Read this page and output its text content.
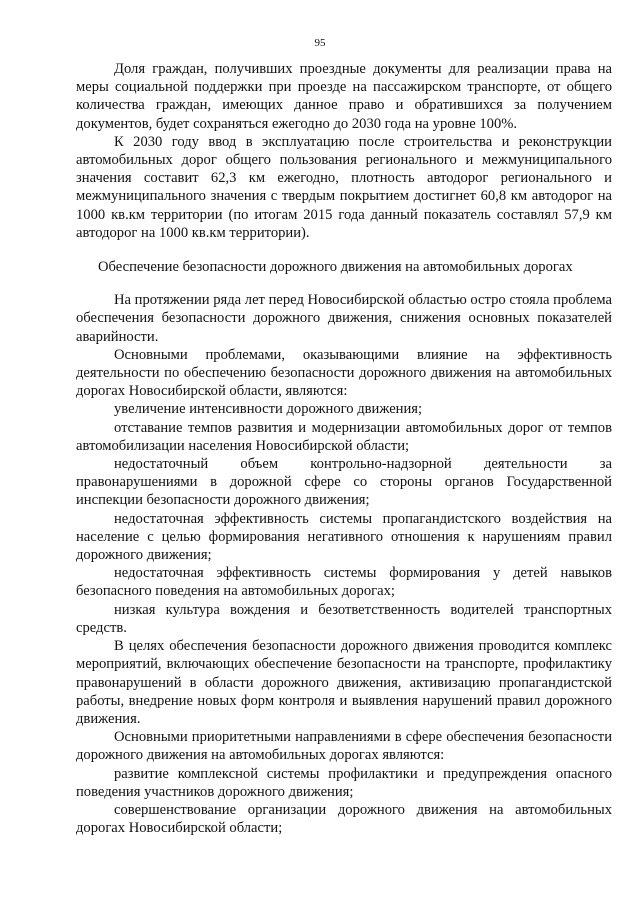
95

Доля граждан, получивших проездные документы для реализации права на меры социальной поддержки при проезде на пассажирском транспорте, от общего количества граждан, имеющих данное право и обратившихся за получением документов, будет сохраняться ежегодно до 2030 года на уровне 100%.

К 2030 году ввод в эксплуатацию после строительства и реконструкции автомобильных дорог общего пользования регионального и межмуниципального значения составит 62,3 км ежегодно, плотность автодорог регионального и межмуниципального значения с твердым покрытием достигнет 60,8 км автодорог на 1000 кв.км территории (по итогам 2015 года данный показатель составлял 57,9 км автодорог на 1000 кв.км территории).

Обеспечение безопасности дорожного движения на автомобильных дорогах

На протяжении ряда лет перед Новосибирской областью остро стояла проблема обеспечения безопасности дорожного движения, снижения основных показателей аварийности.

Основными проблемами, оказывающими влияние на эффективность деятельности по обеспечению безопасности дорожного движения на автомобильных дорогах Новосибирской области, являются:

увеличение интенсивности дорожного движения;

отставание темпов развития и модернизации автомобильных дорог от темпов автомобилизации населения Новосибирской области;

недостаточный объем контрольно-надзорной деятельности за правонарушениями в дорожной сфере со стороны органов Государственной инспекции безопасности дорожного движения;

недостаточная эффективность системы пропагандистского воздействия на население с целью формирования негативного отношения к нарушениям правил дорожного движения;

недостаточная эффективность системы формирования у детей навыков безопасного поведения на автомобильных дорогах;

низкая культура вождения и безответственность водителей транспортных средств.

В целях обеспечения безопасности дорожного движения проводится комплекс мероприятий, включающих обеспечение безопасности на транспорте, профилактику правонарушений в области дорожного движения, активизацию пропагандистской работы, внедрение новых форм контроля и выявления нарушений правил дорожного движения.

Основными приоритетными направлениями в сфере обеспечения безопасности дорожного движения на автомобильных дорогах являются:

развитие комплексной системы профилактики и предупреждения опасного поведения участников дорожного движения;

совершенствование организации дорожного движения на автомобильных дорогах Новосибирской области;
